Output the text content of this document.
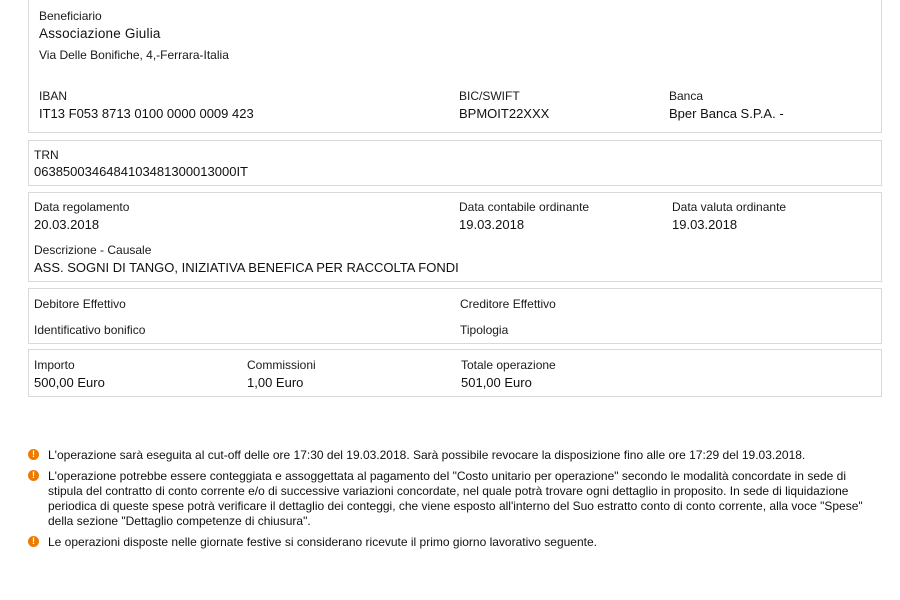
Beneficiario
Associazione Giulia
Via Delle Bonifiche, 4,-Ferrara-Italia
IBAN
IT13 F053 8713 0100 0000 0009 423
BIC/SWIFT
BPMOIT22XXX
Banca
Bper Banca S.P.A. -
TRN
0638500346484103481300013000IT
Data regolamento
20.03.2018
Data contabile ordinante
19.03.2018
Data valuta ordinante
19.03.2018
Descrizione - Causale
ASS. SOGNI DI TANGO, INIZIATIVA BENEFICA PER RACCOLTA FONDI
Debitore Effettivo	Creditore Effettivo
Identificativo bonifico	Tipologia
Importo
500,00 Euro
Commissioni
1,00 Euro
Totale operazione
501,00 Euro
!	L'operazione sarà eseguita al cut-off delle ore 17:30 del 19.03.2018. Sarà possibile revocare la disposizione fino alle ore 17:29 del 19.03.2018.
!	L'operazione potrebbe essere conteggiata e assoggettata al pagamento del "Costo unitario per operazione" secondo le modalità concordate in sede di stipula del contratto di conto corrente e/o di successive variazioni concordate, nel quale potrà trovare ogni dettaglio in proposito. In sede di liquidazione periodica di queste spese potrà verificare il dettaglio dei conteggi, che viene esposto all'interno del Suo estratto conto di conto corrente, alla voce "Spese" della sezione "Dettaglio competenze di chiusura".
!	Le operazioni disposte nelle giornate festive si considerano ricevute il primo giorno lavorativo seguente.
